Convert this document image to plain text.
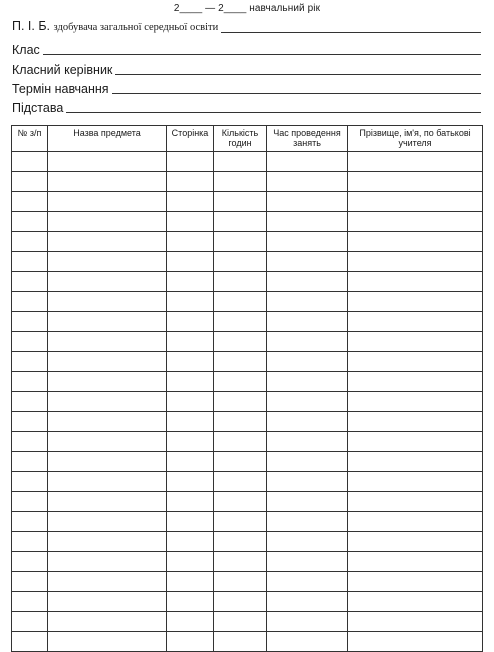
2____ — 2____ навчальний рік
П. І. Б. здобувача загальної середньої освіти
Клас
Класний керівник
Термін навчання
Підстава
№ з/п	Назва предмета	Сторінка	Кількість годин	Час проведення занять	Прізвище, ім'я, по батькові учителя
